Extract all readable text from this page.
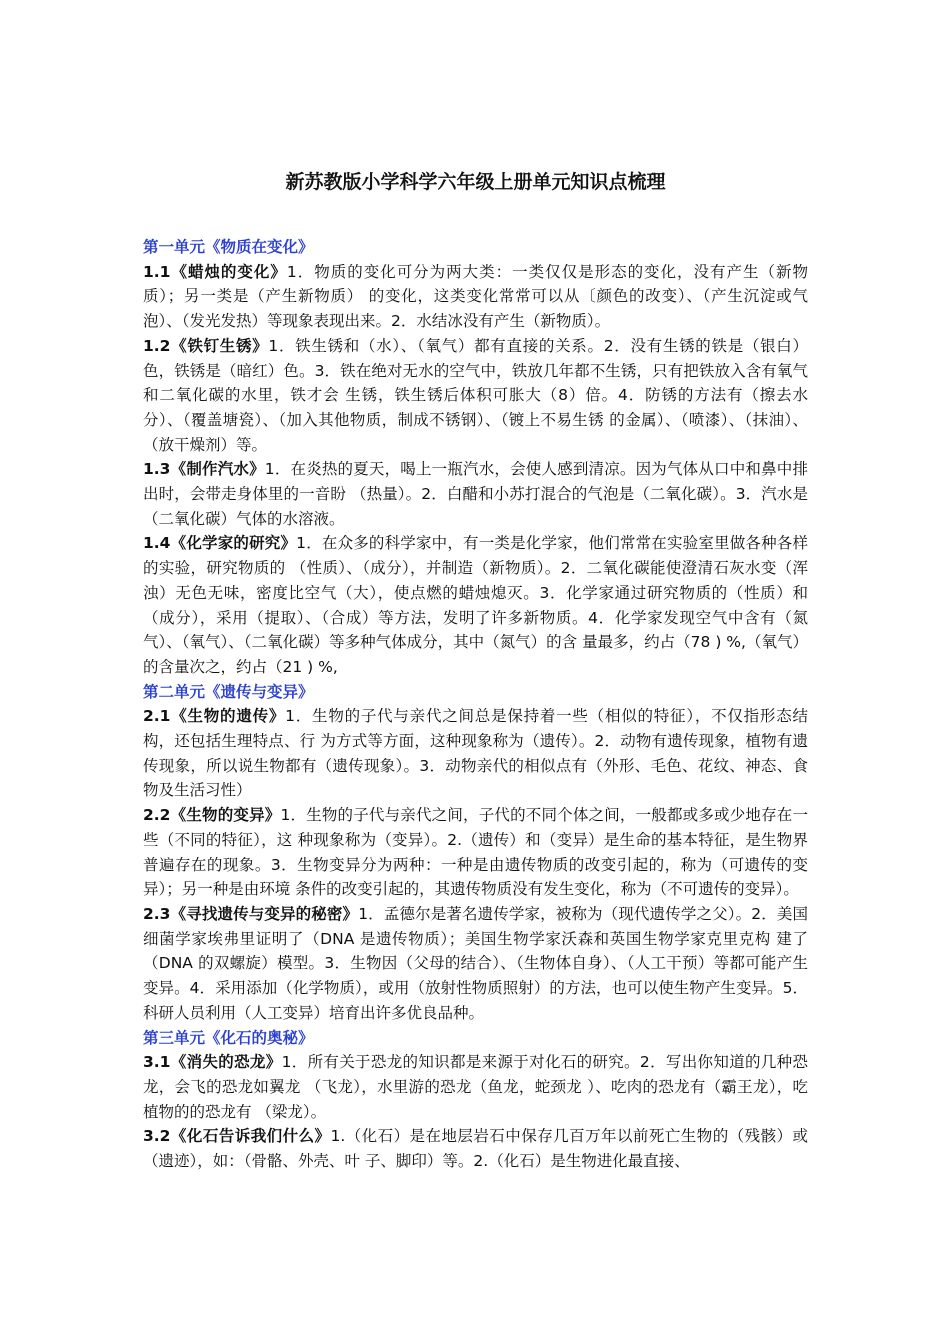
新苏教版小学科学六年级上册单元知识点梳理

第一单元《物质在变化》

1.1《蜡烛的变化》1．物质的变化可分为两大类：一类仅仅是形态的变化，没有产生（新物质）；另一类是（产生新物质） 的变化，这类变化常常可以从〔颜色的改变）、（产生沉淀或气泡）、（发光发热）等现象表现出来。2．水结冰没有产生（新物质）。

1.2《铁钉生锈》1．铁生锈和（水）、（氧气）都有直接的关系。2．没有生锈的铁是（银白）色，铁锈是（暗红）色。3．铁在绝对无水的空气中，铁放几年都不生锈，只有把铁放入含有氧气和二氧化碳的水里，铁才会 生锈，铁生锈后体积可胀大（8）倍。4．防锈的方法有（擦去水分）、（覆盖塘瓷）、（加入其他物质，制成不锈钢）、（镀上不易生锈 的金属）、（喷漆）、（抹油）、（放干燥剂）等。

1.3《制作汽水》1．在炎热的夏天，喝上一瓶汽水，会使人感到清凉。因为气体从口中和鼻中排出时，会带走身体里的一音盼 （热量）。2．白醋和小苏打混合的气泡是（二氧化碳）。3．汽水是（二氧化碳）气体的水溶液。

1.4《化学家的研究》1．在众多的科学家中，有一类是化学家，他们常常在实验室里做各种各样的实验，研究物质的 （性质）、（成分），并制造（新物质）。2．二氧化碳能使澄清石灰水变（浑浊）无色无味，密度比空气（大），使点燃的蜡烛熄灭。3．化学家通过研究物质的（性质）和（成分），采用（提取）、（合成）等方法，发明了许多新物质。4．化学家发现空气中含有（氮气）、（氧气）、（二氧化碳）等多种气体成分，其中（氮气）的含 量最多，约占（78 ) %,（氧气）的含量次之，约占（21 ) %,

第二单元《遗传与变异》

2.1《生物的遗传》1．生物的子代与亲代之间总是保持着一些（相似的特征），不仅指形态结构，还包括生理特点、行 为方式等方面，这种现象称为（遗传）。2．动物有遗传现象，植物有遗传现象，所以说生物都有（遗传现象）。3．动物亲代的相似点有（外形、毛色、花纹、神态、食物及生活习性）

2.2《生物的变异》1．生物的子代与亲代之间，子代的不同个体之间，一般都或多或少地存在一些（不同的特征），这 种现象称为（变异）。2.（遗传）和（变异）是生命的基本特征，是生物界普遍存在的现象。3．生物变异分为两种：一种是由遗传物质的改变引起的，称为（可遗传的变异）；另一种是由环境 条件的改变引起的，其遗传物质没有发生变化，称为（不可遗传的变异）。

2.3《寻找遗传与变异的秘密》1．孟德尔是著名遗传学家，被称为（现代遗传学之父）。2．美国细菌学家埃弗里证明了（DNA 是遗传物质）；美国生物学家沃森和英国生物学家克里克构 建了（DNA 的双螺旋）模型。3．生物因（父母的结合）、（生物体自身）、（人工干预）等都可能产生变异。4．采用添加（化学物质），或用（放射性物质照射）的方法，也可以使生物产生变异。5．科研人员利用（人工变异）培育出许多优良品种。

第三单元《化石的奥秘》

3.1《消失的恐龙》1．所有关于恐龙的知识都是来源于对化石的研究。2．写出你知道的几种恐龙，会飞的恐龙如翼龙 （飞龙），水里游的恐龙（鱼龙，蛇颈龙 ）、吃肉的恐龙有（霸王龙），吃植物的的恐龙有 （梁龙）。

3.2《化石告诉我们什么》1.（化石）是在地层岩石中保存几百万年以前死亡生物的（残骸）或（遗迹），如：（骨骼、外壳、叶 子、脚印）等。2.（化石）是生物进化最直接、
